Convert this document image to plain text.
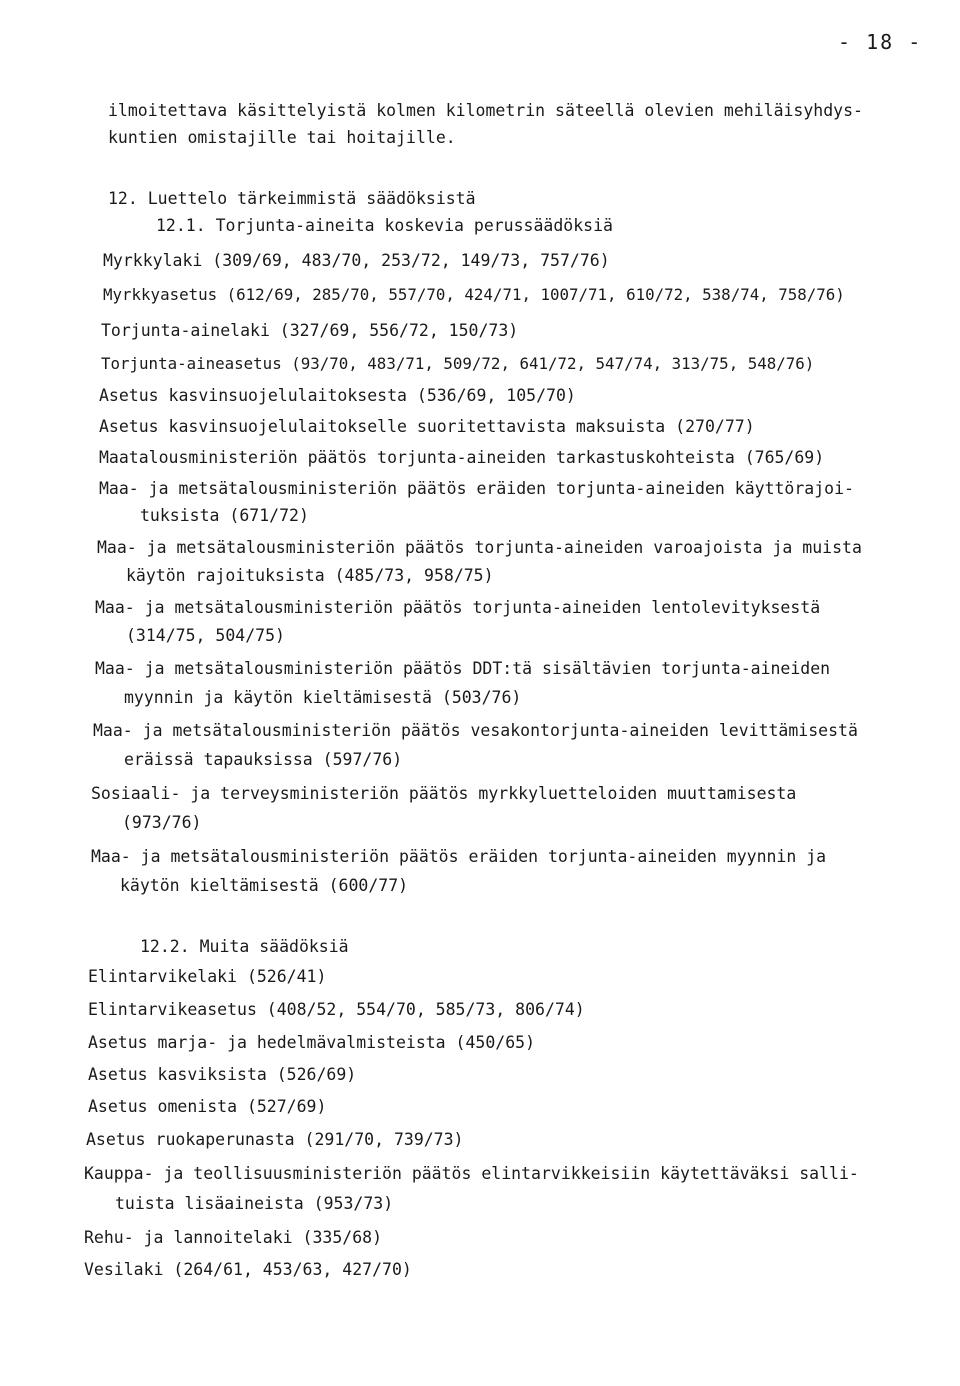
- 18 -
ilmoitettava käsittelyistä kolmen kilometrin säteellä olevien mehiläisyhdys-
kuntien omistajille tai hoitajille.
12. Luettelo tärkeimmistä säädöksistä
12.1. Torjunta-aineita koskevia perussäädöksiä
Myrkkylaki (309/69, 483/70, 253/72, 149/73, 757/76)
Myrkkyasetus (612/69, 285/70, 557/70, 424/71, 1007/71, 610/72, 538/74, 758/76)
Torjunta-ainelaki (327/69, 556/72, 150/73)
Torjunta-aineasetus (93/70, 483/71, 509/72, 641/72, 547/74, 313/75, 548/76)
Asetus kasvinsuojelulaitoksesta (536/69, 105/70)
Asetus kasvinsuojelulaitokselle suoritettavista maksuista (270/77)
Maatalousministeriön päätös torjunta-aineiden tarkastuskohteista (765/69)
Maa- ja metsätalousministeriön päätös eräiden torjunta-aineiden käyttörajoi-
tuksista (671/72)
Maa- ja metsätalousministeriön päätös torjunta-aineiden varoajoista ja muista
käytön rajoituksista (485/73, 958/75)
Maa- ja metsätalousministeriön päätös torjunta-aineiden lentolevityksestä
(314/75, 504/75)
Maa- ja metsätalousministeriön päätös DDT:tä sisältävien torjunta-aineiden
myynnin ja käytön kieltämisestä (503/76)
Maa- ja metsätalousministeriön päätös vesakontorjunta-aineiden levittämisestä
eräissä tapauksissa (597/76)
Sosiaali- ja terveysministeriön päätös myrkkyluetteloiden muuttamisesta
(973/76)
Maa- ja metsätalousministeriön päätös eräiden torjunta-aineiden myynnin ja
käytön kieltämisestä (600/77)
12.2. Muita säädöksiä
Elintarvikelaki (526/41)
Elintarvikeasetus (408/52, 554/70, 585/73, 806/74)
Asetus marja- ja hedelmävalmisteista (450/65)
Asetus kasviksista (526/69)
Asetus omenista (527/69)
Asetus ruokaperunasta (291/70, 739/73)
Kauppa- ja teollisuusministeriön päätös elintarvikkeisiin käytettäväksi salli-
tuista lisäaineista (953/73)
Rehu- ja lannoitelaki (335/68)
Vesilaki (264/61, 453/63, 427/70)
